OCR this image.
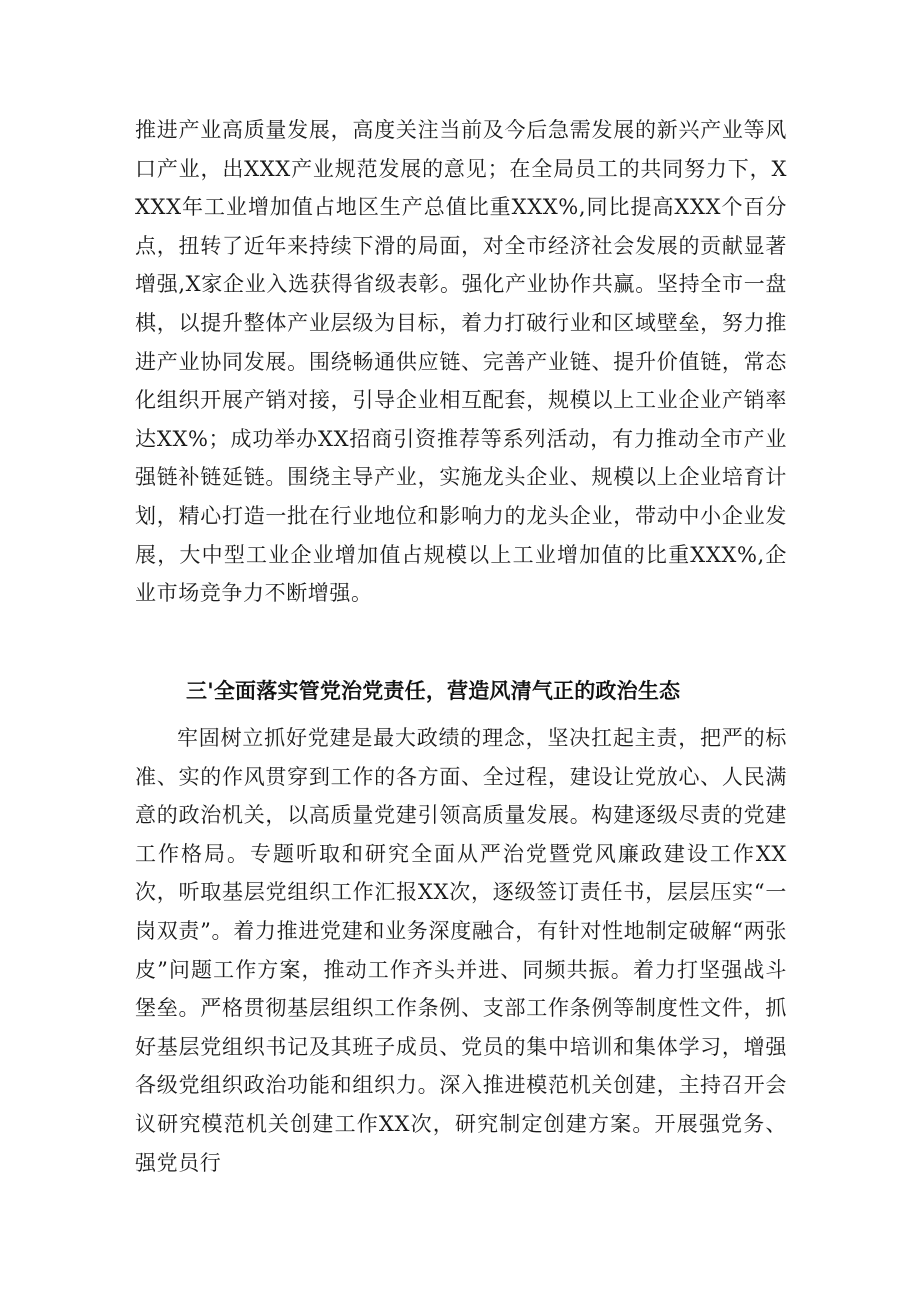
推进产业高质量发展，高度关注当前及今后急需发展的新兴产业等风口产业，出XXX产业规范发展的意见；在全局员工的共同努力下，XXXX年工业增加值占地区生产总值比重XXX%,同比提高XXX个百分点，扭转了近年来持续下滑的局面，对全市经济社会发展的贡献显著增强,X家企业入选获得省级表彰。强化产业协作共赢。坚持全市一盘棋，以提升整体产业层级为目标，着力打破行业和区域壁垒，努力推进产业协同发展。围绕畅通供应链、完善产业链、提升价值链，常态化组织开展产销对接，引导企业相互配套，规模以上工业企业产销率达XX%；成功举办XX招商引资推荐等系列活动，有力推动全市产业强链补链延链。围绕主导产业，实施龙头企业、规模以上企业培育计划，精心打造一批在行业地位和影响力的龙头企业，带动中小企业发展，大中型工业企业增加值占规模以上工业增加值的比重XXX%,企业市场竞争力不断增强。

三'全面落实管党治党责任，营造风清气正的政治生态

牢固树立抓好党建是最大政绩的理念，坚决扛起主责，把严的标准、实的作风贯穿到工作的各方面、全过程，建设让党放心、人民满意的政治机关，以高质量党建引领高质量发展。构建逐级尽责的党建工作格局。专题听取和研究全面从严治党暨党风廉政建设工作XX次，听取基层党组织工作汇报XX次，逐级签订责任书，层层压实“一岗双责”。着力推进党建和业务深度融合，有针对性地制定破解“两张皮”问题工作方案，推动工作齐头并进、同频共振。着力打坚强战斗堡垒。严格贯彻基层组织工作条例、支部工作条例等制度性文件，抓好基层党组织书记及其班子成员、党员的集中培训和集体学习，增强各级党组织政治功能和组织力。深入推进模范机关创建，主持召开会议研究模范机关创建工作XX次，研究制定创建方案。开展强党务、强党员行
